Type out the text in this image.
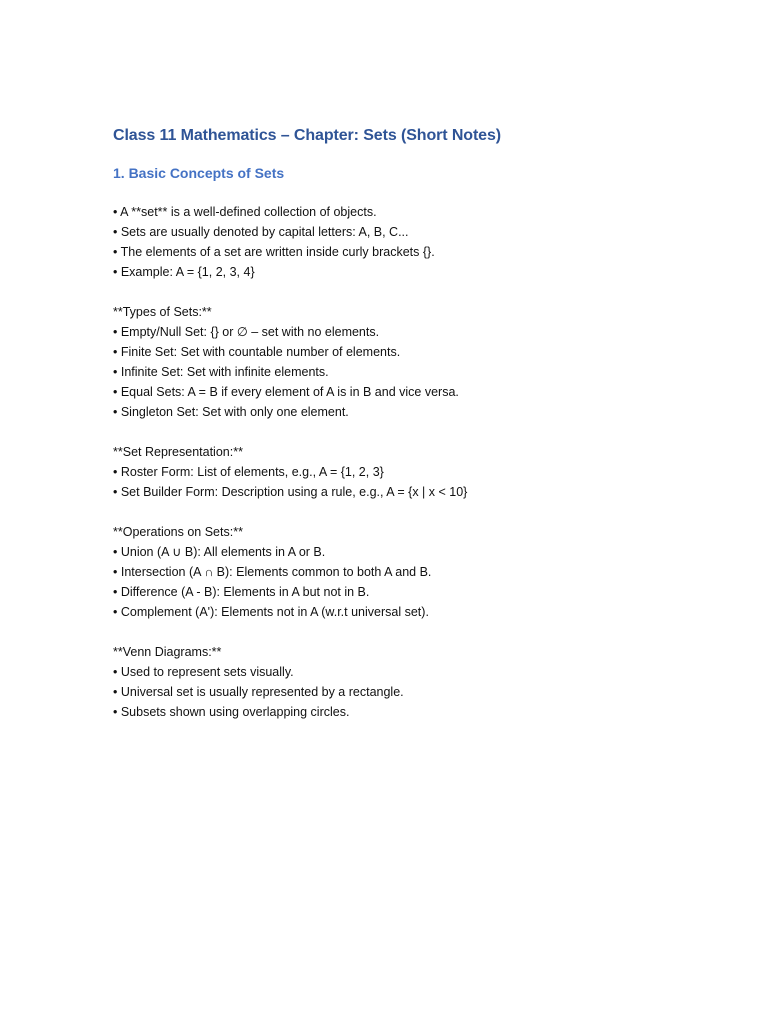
Class 11 Mathematics – Chapter: Sets (Short Notes)
1. Basic Concepts of Sets
• A **set** is a well-defined collection of objects.
• Sets are usually denoted by capital letters: A, B, C...
• The elements of a set are written inside curly brackets {}.
• Example: A = {1, 2, 3, 4}
**Types of Sets:**
• Empty/Null Set: {} or ∅ – set with no elements.
• Finite Set: Set with countable number of elements.
• Infinite Set: Set with infinite elements.
• Equal Sets: A = B if every element of A is in B and vice versa.
• Singleton Set: Set with only one element.
**Set Representation:**
• Roster Form: List of elements, e.g., A = {1, 2, 3}
• Set Builder Form: Description using a rule, e.g., A = {x | x < 10}
**Operations on Sets:**
• Union (A ∪ B): All elements in A or B.
• Intersection (A ∩ B): Elements common to both A and B.
• Difference (A - B): Elements in A but not in B.
• Complement (A'): Elements not in A (w.r.t universal set).
**Venn Diagrams:**
• Used to represent sets visually.
• Universal set is usually represented by a rectangle.
• Subsets shown using overlapping circles.
